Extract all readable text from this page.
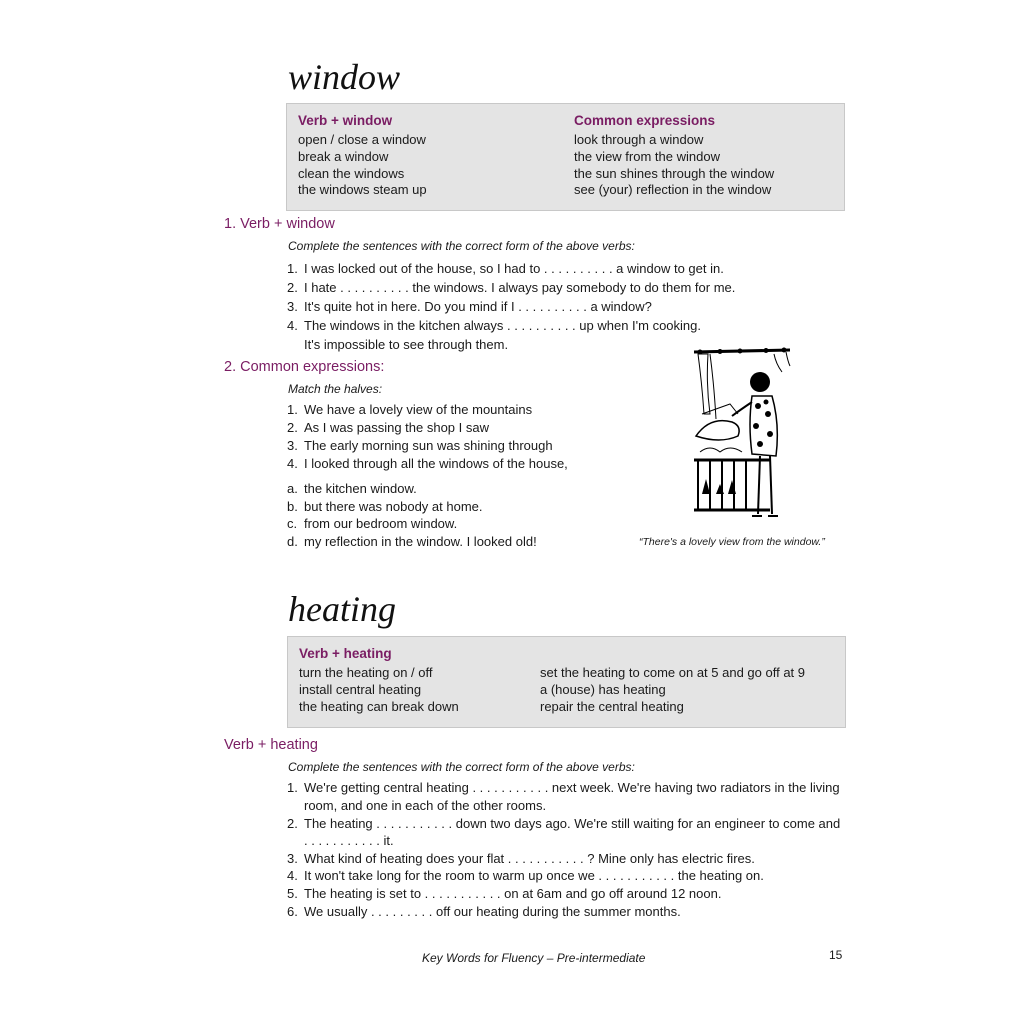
window
Verb + window
open / close a window
break a window
clean the windows
the windows steam up
Common expressions
look through a window
the view from the window
the sun shines through the window
see (your) reflection in the window
1. Verb + window
Complete the sentences with the correct form of the above verbs:
1. I was locked out of the house, so I had to . . . . . . . . . . a window to get in.
2. I hate . . . . . . . . . . the windows. I always pay somebody to do them for me.
3. It's quite hot in here. Do you mind if I . . . . . . . . . . a window?
4. The windows in the kitchen always . . . . . . . . . . up when I'm cooking.
It's impossible to see through them.
2. Common expressions:
Match the halves:
1. We have a lovely view of the mountains
2. As I was passing the shop I saw
3. The early morning sun was shining through
4. I looked through all the windows of the house,
a. the kitchen window.
b. but there was nobody at home.
c. from our bedroom window.
d. my reflection in the window. I looked old!	“There's a lovely view from the window.”
heating
Verb + heating
turn the heating on / off
install central heating
the heating can break down
set the heating to come on at 5 and go off at 9
a (house) has heating
repair the central heating
Verb + heating
Complete the sentences with the correct form of the above verbs:
1. We're getting central heating . . . . . . . . . . . next week. We're having two radiators in the living
room, and one in each of the other rooms.
2. The heating . . . . . . . . . . . down two days ago. We're still waiting for an engineer to come and
. . . . . . . . . . . it.
3. What kind of heating does your flat . . . . . . . . . . . ? Mine only has electric fires.
4. It won't take long for the room to warm up once we . . . . . . . . . . . the heating on.
5. The heating is set to . . . . . . . . . . . on at 6am and go off around 12 noon.
6. We usually . . . . . . . . . off our heating during the summer months.
Key Words for Fluency – Pre-intermediate	15
